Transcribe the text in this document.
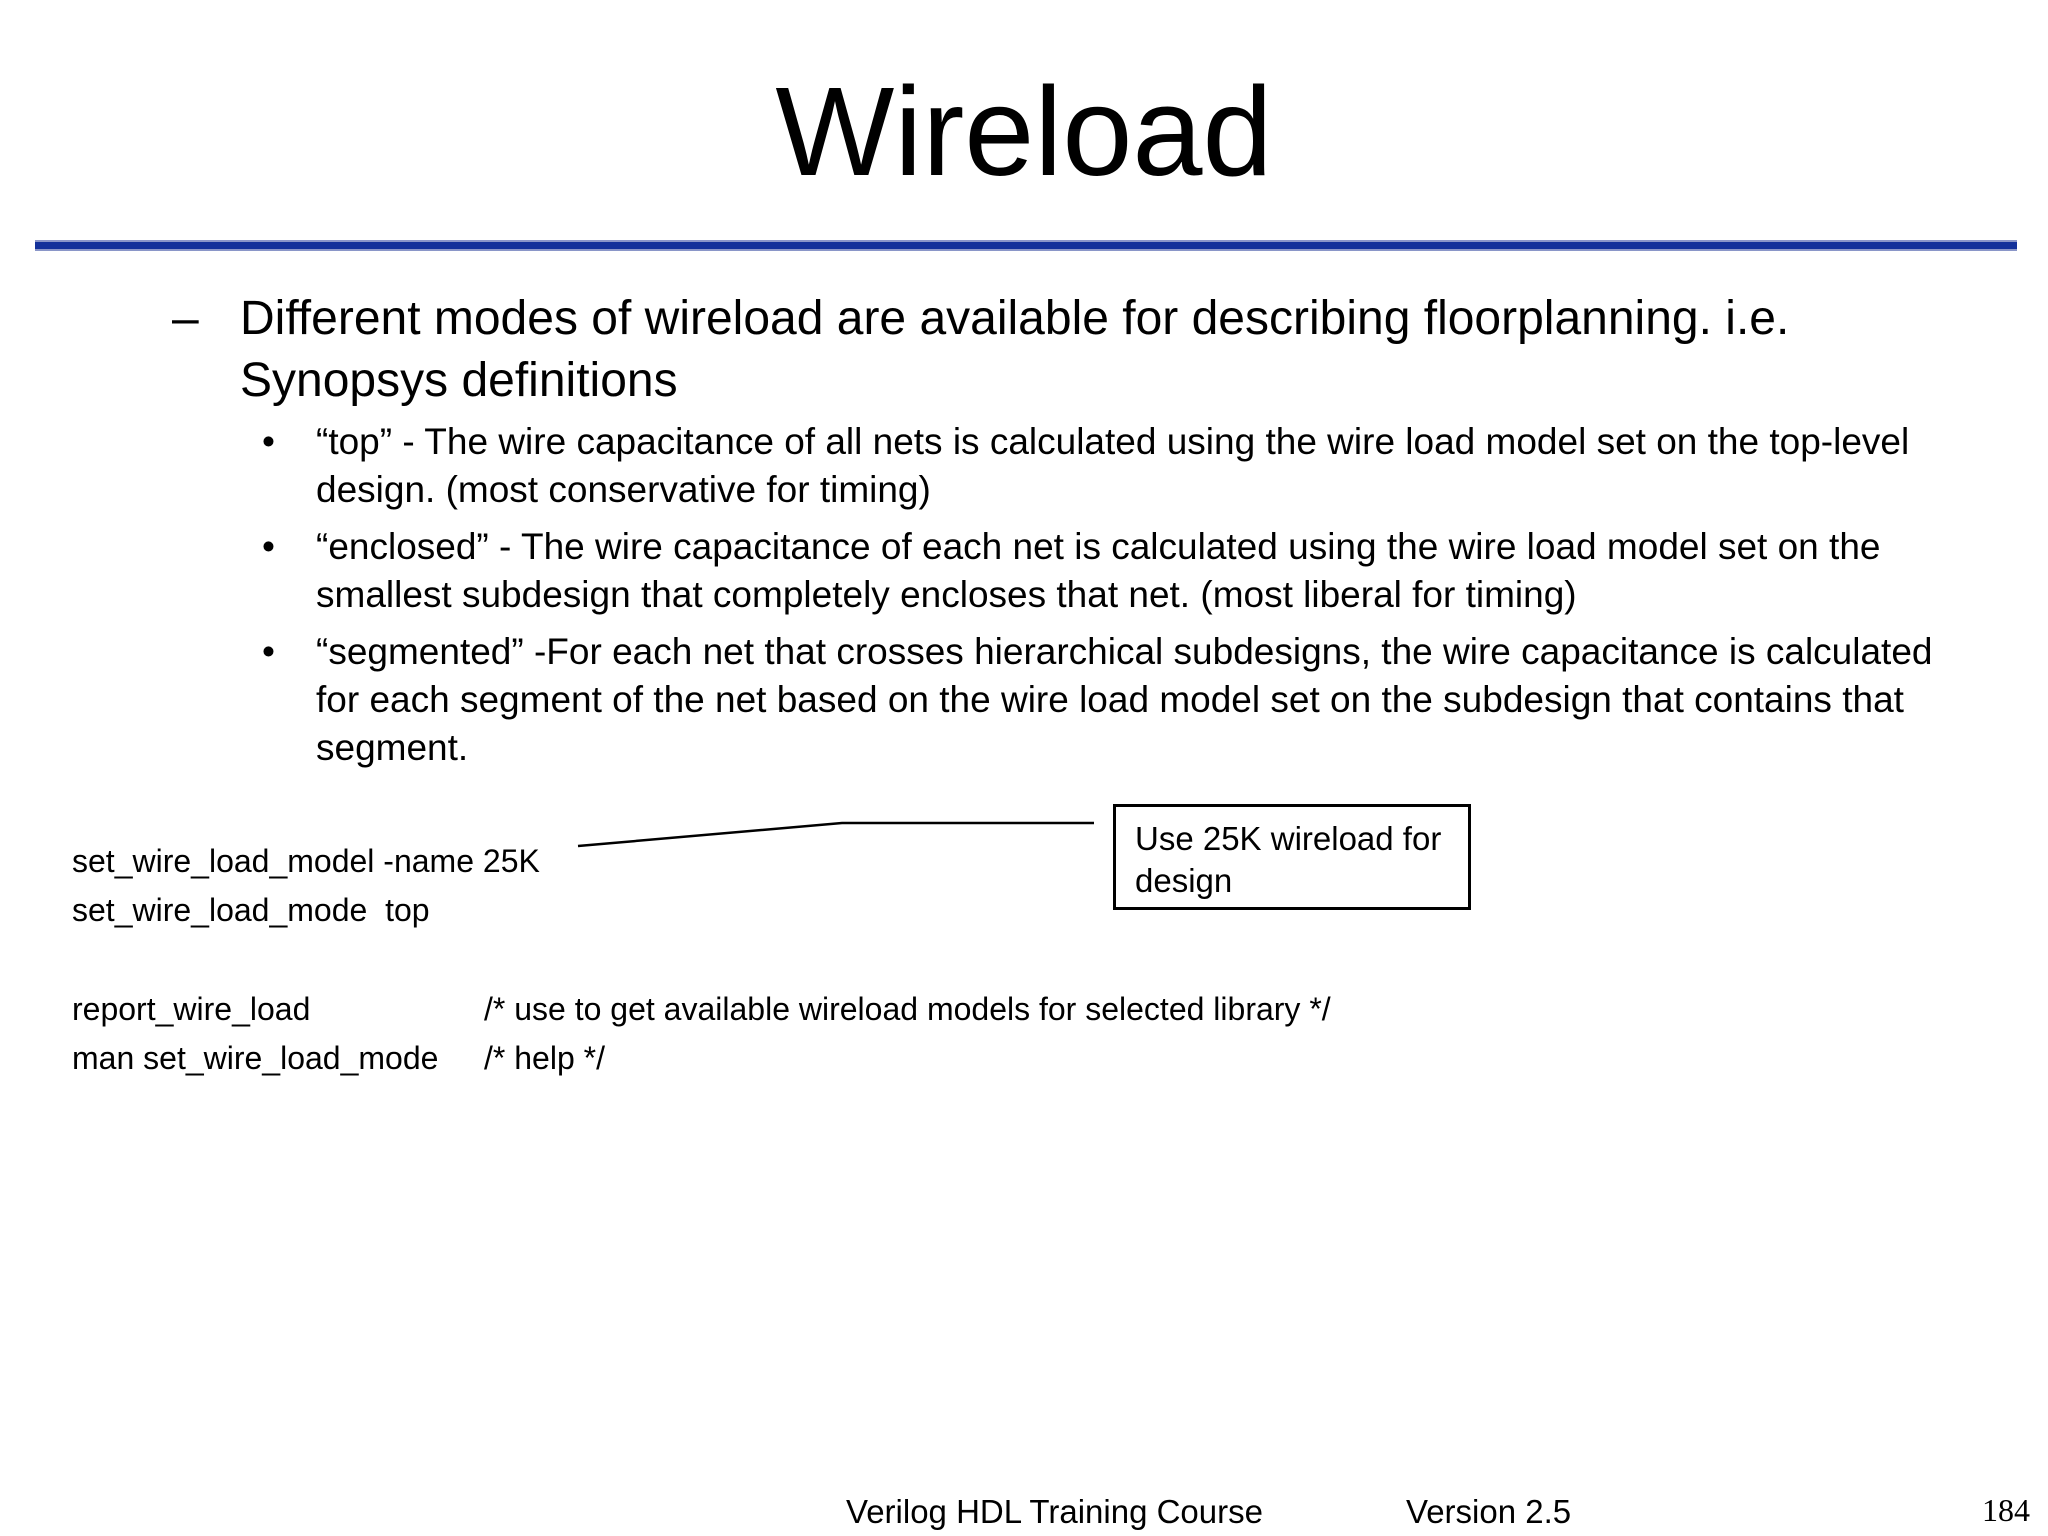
Wireload
– Different modes of wireload are available for describing floorplanning. i.e. Synopsys definitions
• “top” - The wire capacitance of all nets is calculated using the wire load model set on the top-level design. (most conservative for timing)
• “enclosed” - The wire capacitance of each net is calculated using the wire load model set on the smallest subdesign that completely encloses that net. (most liberal for timing)
• “segmented” -For each net that crosses hierarchical subdesigns, the wire capacitance is calculated for each segment of the net based on the wire load model set on the subdesign that contains that segment.
set_wire_load_model -name 25K
set_wire_load_mode  top
report_wire_load	/* use to get available wireload models for selected library */
man set_wire_load_mode /* help */
Use 25K wireload for design
Verilog HDL Training Course	Version 2.5	184
